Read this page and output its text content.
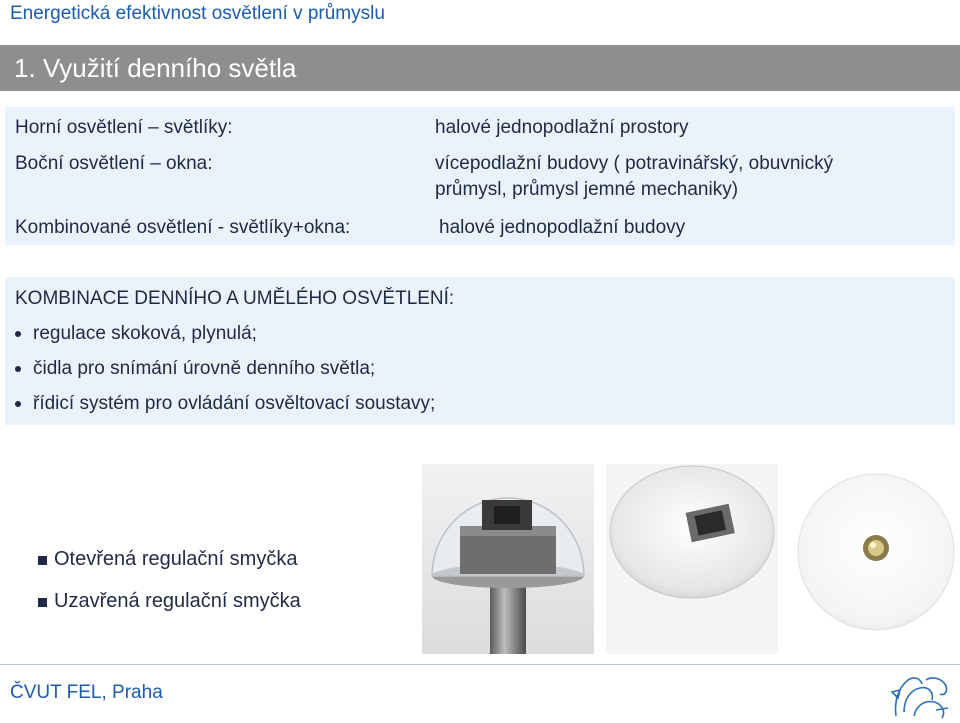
Energetická efektivnost osvětlení v průmyslu
1. Využití denního světla
Horní osvětlení – světlíky:	halové jednopodlažní prostory
Boční osvětlení – okna:	vícepodlažní budovy ( potravinářský, obuvnický
průmysl, průmysl jemné mechaniky)
Kombinované osvětlení - světlíky+okna:	halové jednopodlažní budovy
KOMBINACE DENNÍHO A UMĚLÉHO OSVĚTLENÍ:
regulace skoková, plynulá;
čidla pro snímání úrovně denního světla;
řídicí systém pro ovládání osvěltovací soustavy;
Otevřená regulační smyčka
Uzavřená regulační smyčka
ČVUT FEL, Praha
